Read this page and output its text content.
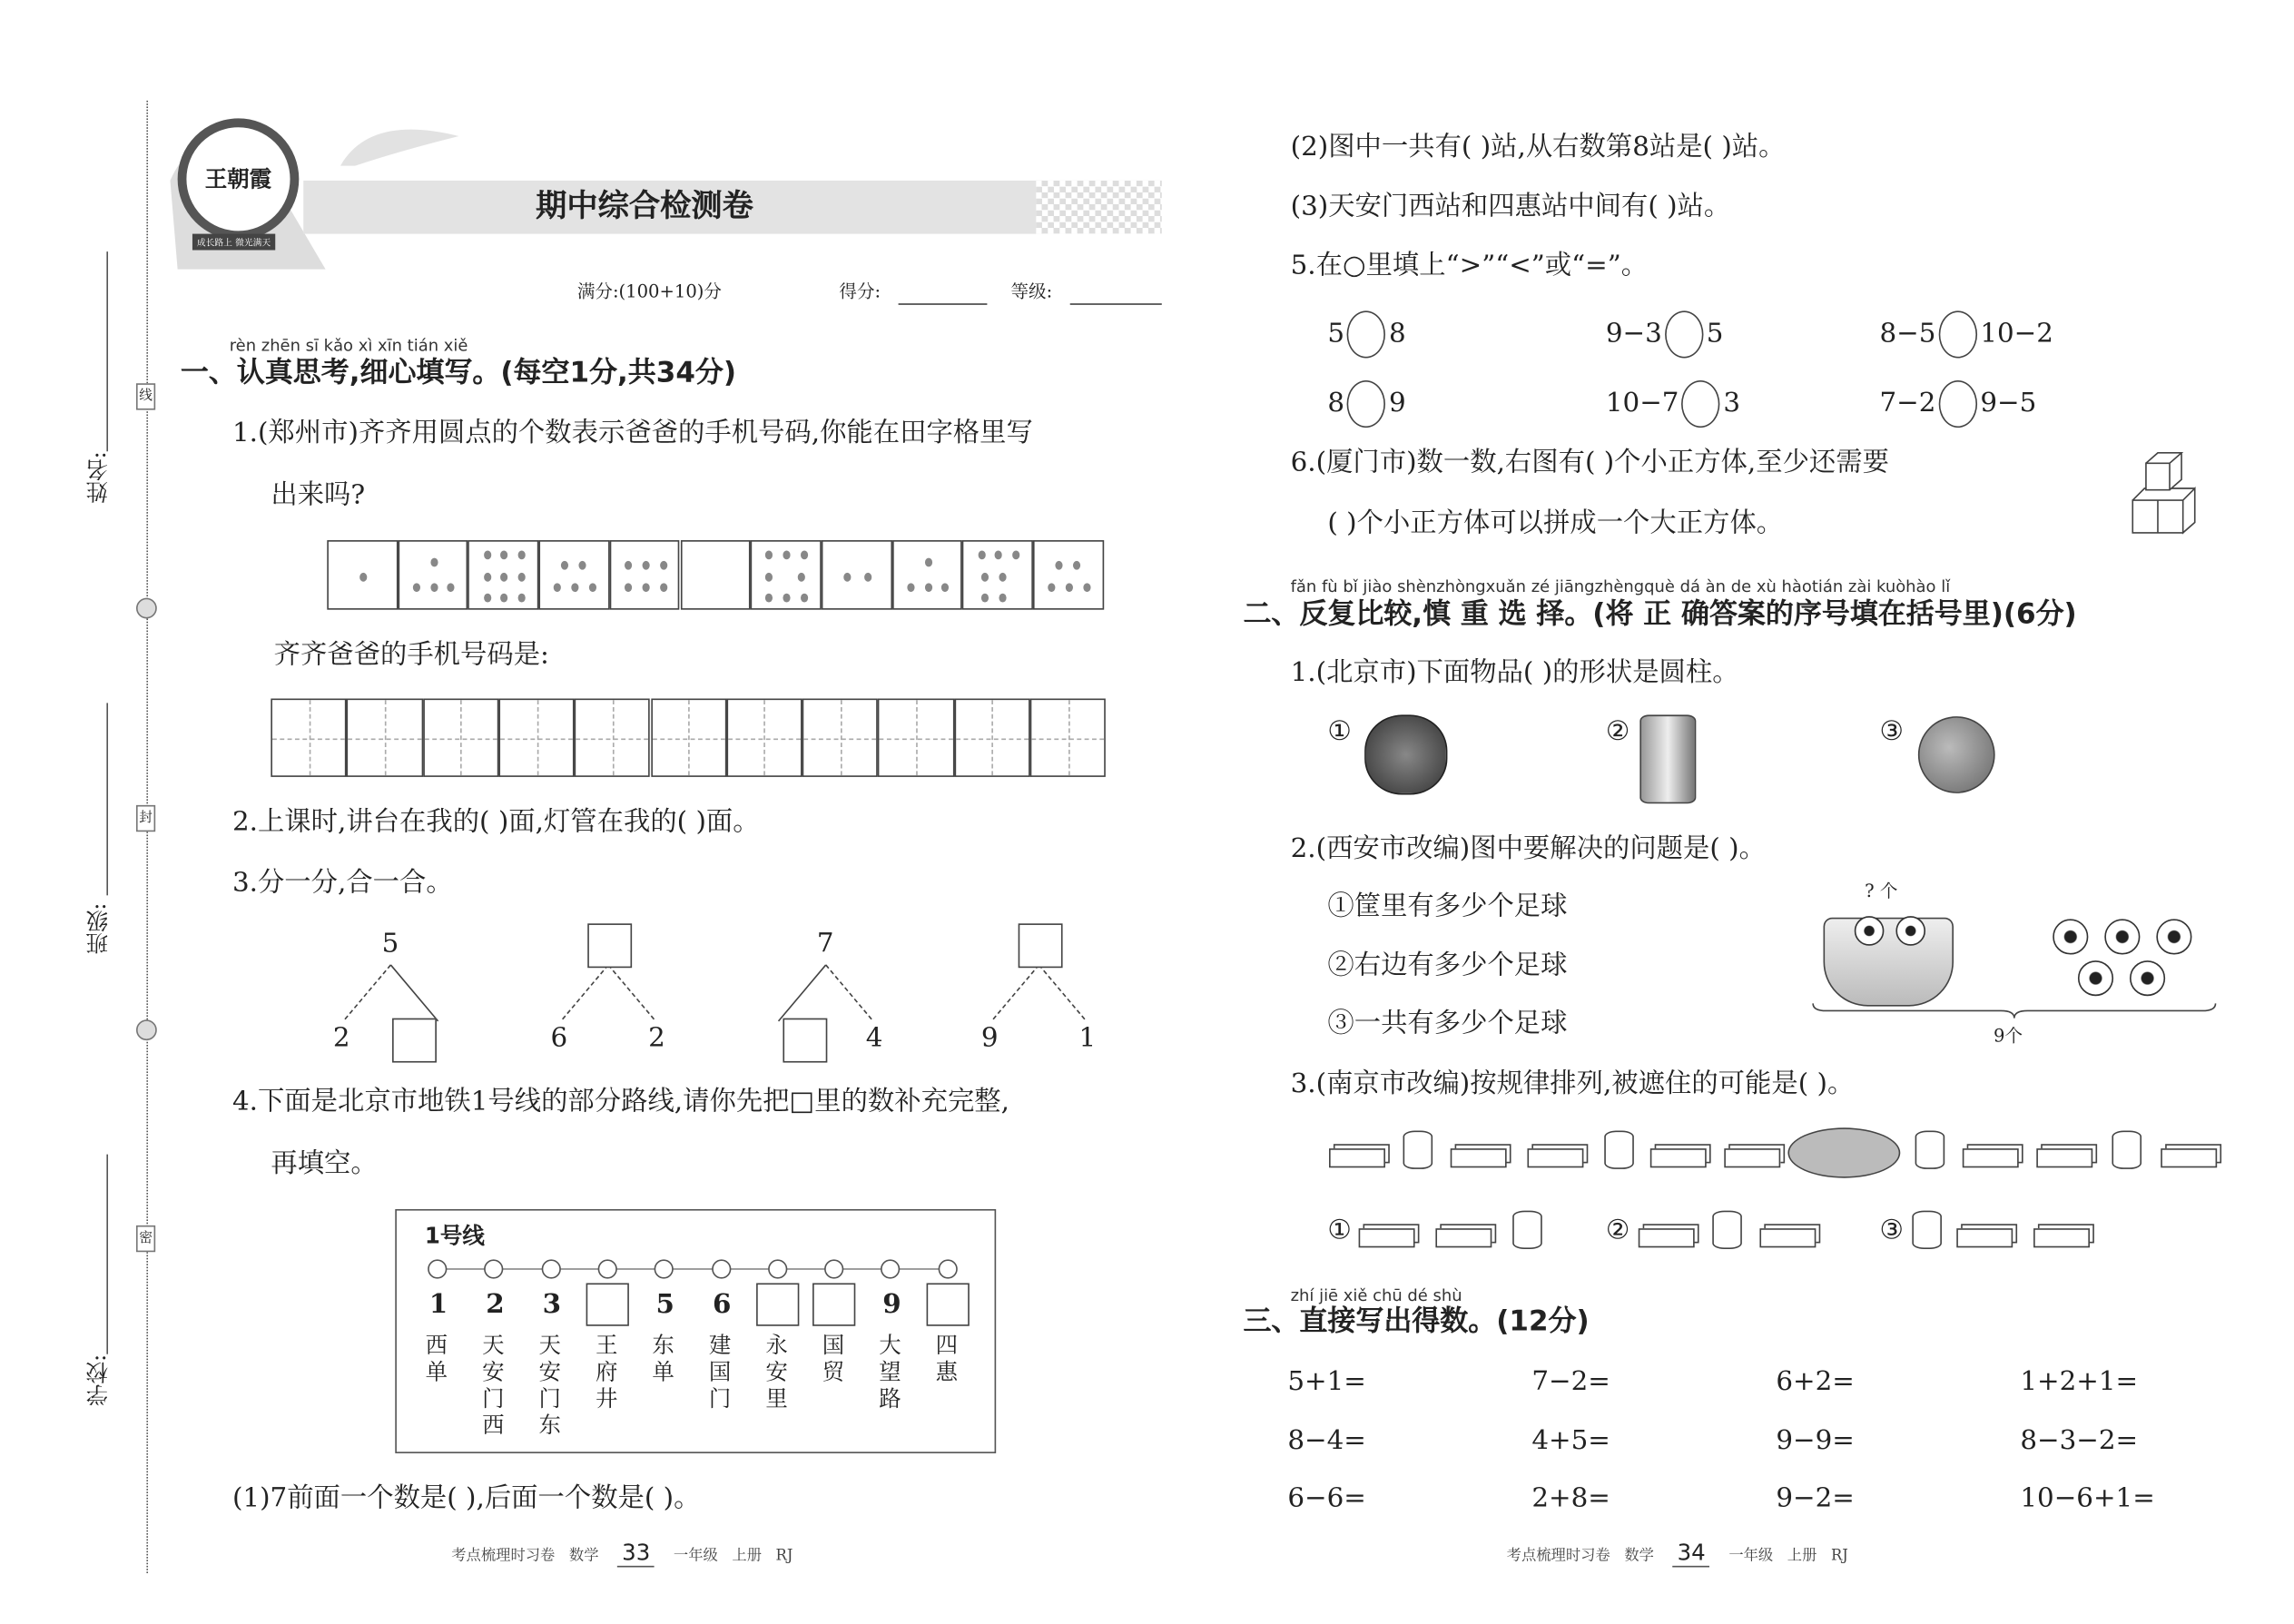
姓名:
班级:
学校:
线
封
密
王朝霞
成长路上 微光满天
期中综合检测卷
满分:(100+10)分	得分:	等级:
rèn zhēn sī kǎo xì xīn tián xiě
一、认真思考,细心填写。(每空1分,共34分)
1.(郑州市)齐齐用圆点的个数表示爸爸的手机号码,你能在田字格里写
出来吗?
齐齐爸爸的手机号码是:
2.上课时,讲台在我的( )面,灯管在我的( )面。
3.分一分,合一合。
4.下面是北京市地铁1号线的部分路线,请你先把□里的数补充完整,
再填空。
1号线
(1)7前面一个数是( ),后面一个数是( )。
考点梳理时习卷 数学 33	一年级 上册 RJ
(2)图中一共有( )站,从右数第8站是( )站。
(3)天安门西站和四惠站中间有( )站。
5.在○里填上“>”“<”或“=”。
6.(厦门市)数一数,右图有( )个小正方体,至少还需要
( )个小正方体可以拼成一个大正方体。
fǎn fù bǐ jiào shènzhòngxuǎn zé jiāngzhèngquè dá àn de xù hàotián zài kuòhào lǐ
二、反复比较,慎 重 选 择。(将 正 确答案的序号填在括号里)(6分)
1.(北京市)下面物品( )的形状是圆柱。
①	②	③
2.(西安市改编)图中要解决的问题是( )。
①筐里有多少个足球
②右边有多少个足球
③一共有多少个足球
? 个
9个
3.(南京市改编)按规律排列,被遮住的可能是( )。
①	②	③
zhí jiē xiě chū dé shù
三、直接写出得数。(12分)
考点梳理时习卷 数学 34	一年级 上册 RJ
5
2	6	2
7
4	9	1
1
西单
2
天安门西
3
天安门东
王府井
5
东单
6
建国门
永安里
国贸
9
大望路
四惠
5	8	9−3	5	8−5	10−2
8	9	10−7	3	7−2	9−5
5+1=	7−2=	6+2=	1+2+1=
8−4=	4+5=	9−9=	8−3−2=
6−6=	2+8=	9−2=	10−6+1=
